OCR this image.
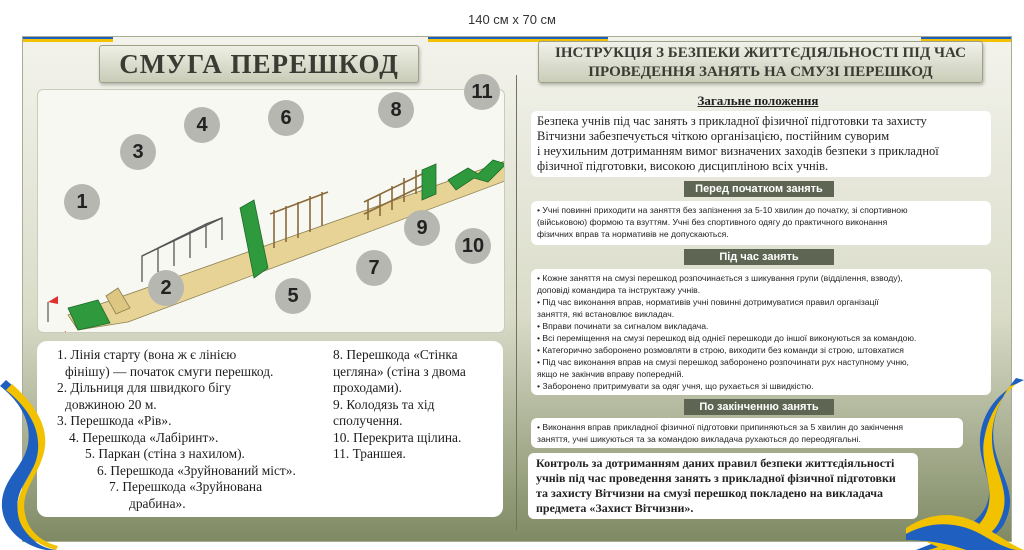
140 см х 70 см
СМУГА ПЕРЕШКОД	ІНСТРУКЦІЯ З БЕЗПЕКИ ЖИТТЄДІЯЛЬНОСТІ ПІД ЧАС
ПРОВЕДЕННЯ ЗАНЯТЬ НА СМУЗІ ПЕРЕШКОД
1
2
3
4
5
6
7
8
9
10
11
1. Лінія старту (вона ж є лінією
фінішу) — початок смуги перешкод.
2. Дільниця для швидкого бігу
довжиною 20 м.
3. Перешкода «Рів».
4. Перешкода «Лабіринт».
5. Паркан (стіна з нахилом).
6. Перешкода «Зруйнований міст».
7. Перешкода «Зруйнована
драбина».
8. Перешкода «Стінка
цегляна» (стіна з двома
проходами).
9. Колодязь та хід
сполучення.
10. Перекрита щілина.
11. Траншея.
Загальне положення
Безпека учнів під час занять з прикладної фізичної підготовки та захисту
Вітчизни забезпечується чіткою організацією, постійним суворим
і неухильним дотриманням вимог визначених заходів безпеки з прикладної
фізичної підготовки, високою дисципліною всіх учнів.
Перед початком занять
• Учні повинні приходити на заняття без запізнення за 5-10 хвилин до початку, зі спортивною
(військовою) формою та взуттям. Учні без спортивного одягу до практичного виконання
фізичних вправ та нормативів не допускаються.
Під час занять
• Кожне заняття на смузі перешкод розпочинається з шикування групи (відділення, взводу),
доповіді командира та інструктажу учнів.
• Під час виконання вправ, нормативів учні повинні дотримуватися правил організації
заняття, які встановлює викладач.
• Вправи починати за сигналом викладача.
• Всі переміщення на смузі перешкод від однієї перешкоди до іншої виконуються за командою.
• Категорично заборонено розмовляти в строю, виходити без команди зі строю, штовхатися
• Під час виконання вправ на смузі перешкод заборонено розпочинати рух наступному учню,
якщо не закінчив вправу попередній.
• Заборонено притримувати за одяг учня, що рухається зі швидкістю.
По закінченню занять
• Виконання вправ прикладної фізичної підготовки припиняються за 5 хвилин до закінчення
заняття, учні шикуються та за командою викладача рухаються до переодягальні.
Контроль за дотриманням даних правил безпеки життєдіяльності
учнів під час проведення занять з прикладної фізичної підготовки
та захисту Вітчизни на смузі перешкод покладено на викладача
предмета «Захист Вітчизни».
